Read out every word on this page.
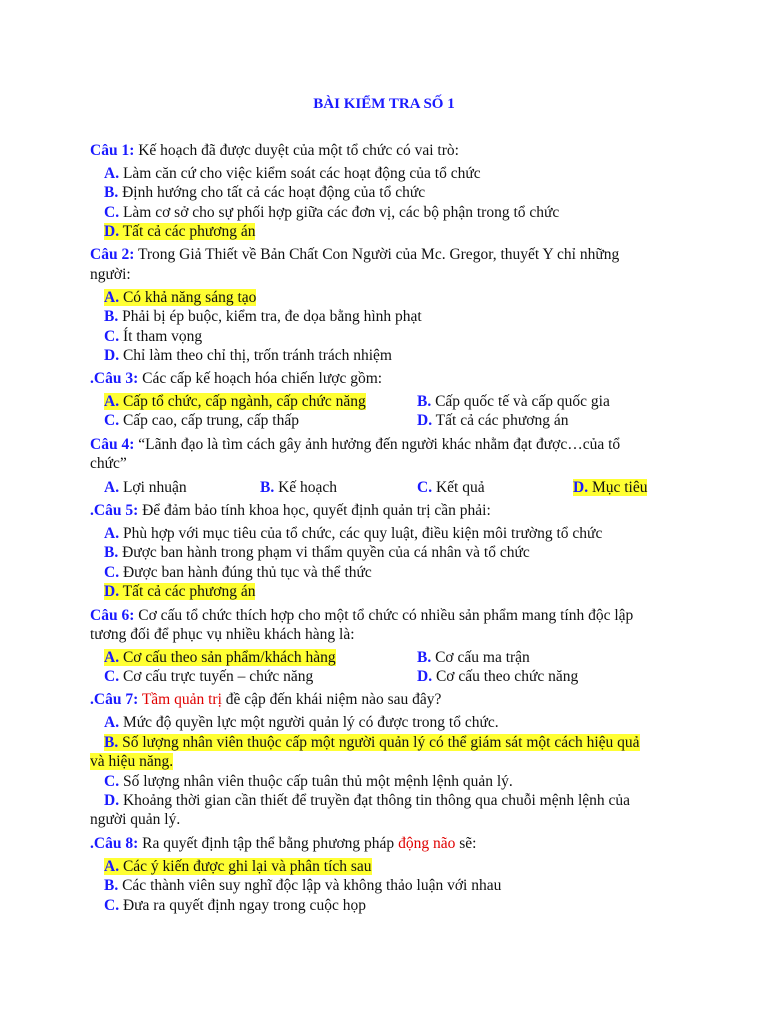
BÀI KIỂM TRA SỐ 1
Câu 1: Kế hoạch đã được duyệt của một tổ chức có vai trò:
A. Làm căn cứ cho việc kiểm soát các hoạt động của tổ chức
B. Định hướng cho tất cả các hoạt động của tổ chức
C. Làm cơ sở cho sự phối hợp giữa các đơn vị, các bộ phận trong tổ chức
D. Tất cả các phương án
Câu 2: Trong Giả Thiết về Bản Chất Con Người của Mc. Gregor, thuyết Y chỉ những
người:
A. Có khả năng sáng tạo
B. Phải bị ép buộc, kiểm tra, đe dọa bằng hình phạt
C. Ít tham vọng
D. Chỉ làm theo chỉ thị, trốn tránh trách nhiệm
.Câu 3: Các cấp kế hoạch hóa chiến lược gồm:
A. Cấp tổ chức, cấp ngành, cấp chức năng	B. Cấp quốc tế và cấp quốc gia
C. Cấp cao, cấp trung, cấp thấp	D. Tất cả các phương án
Câu 4: “Lãnh đạo là tìm cách gây ảnh hưởng đến người khác nhằm đạt được…của tổ
chức”
A. Lợi nhuận	B. Kế hoạch	C. Kết quả	D. Mục tiêu
.Câu 5: Để đảm bảo tính khoa học, quyết định quản trị cần phải:
A. Phù hợp với mục tiêu của tổ chức, các quy luật, điều kiện môi trường tổ chức
B. Được ban hành trong phạm vi thẩm quyền của cá nhân và tổ chức
C. Được ban hành đúng thủ tục và thể thức
D. Tất cả các phương án
Câu 6: Cơ cấu tổ chức thích hợp cho một tổ chức có nhiều sản phẩm mang tính độc lập
tương đối để phục vụ nhiều khách hàng là:
A. Cơ cấu theo sản phẩm/khách hàng	B. Cơ cấu ma trận
C. Cơ cấu trực tuyến – chức năng	D. Cơ cấu theo chức năng
.Câu 7: Tầm quản trị đề cập đến khái niệm nào sau đây?
A. Mức độ quyền lực một người quản lý có được trong tổ chức.
B. Số lượng nhân viên thuộc cấp một người quản lý có thể giám sát một cách hiệu quả
và hiệu năng.
C. Số lượng nhân viên thuộc cấp tuân thủ một mệnh lệnh quản lý.
D. Khoảng thời gian cần thiết để truyền đạt thông tin thông qua chuỗi mệnh lệnh của
người quản lý.
.Câu 8: Ra quyết định tập thể bằng phương pháp động não sẽ:
A. Các ý kiến được ghi lại và phân tích sau
B. Các thành viên suy nghĩ độc lập và không thảo luận với nhau
C. Đưa ra quyết định ngay trong cuộc họp
